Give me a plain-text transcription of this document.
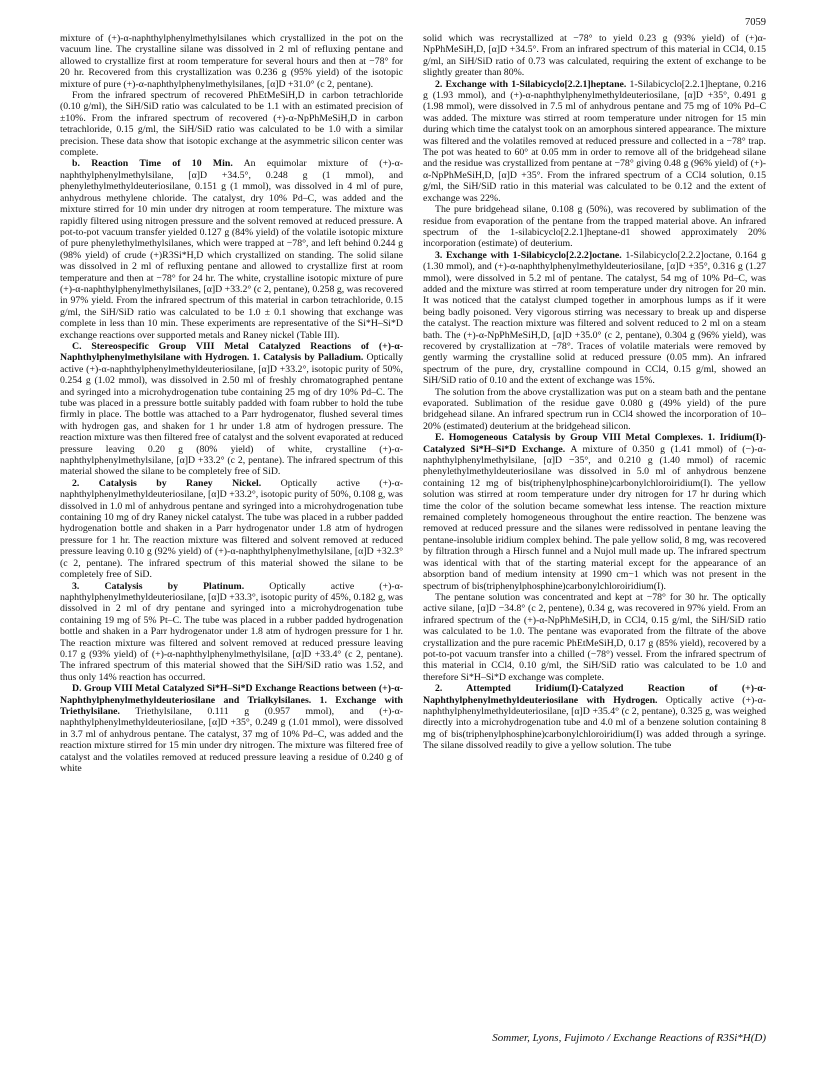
7059

mixture of (+)-α-naphthylphenylmethylsilanes which crystallized in the pot on the vacuum line. The crystalline silane was dissolved in 2 ml of refluxing pentane and allowed to crystallize first at room temperature for several hours and then at −78° for 20 hr. Recovered from this crystallization was 0.236 g (95% yield) of the isotopic mixture of pure (+)-α-naphthylphenylmethylsilanes, [α]D +31.0° (c 2, pentane).

From the infrared spectrum of recovered PhEtMeSiH,D in carbon tetrachloride (0.10 g/ml), the SiH/SiD ratio was calculated to be 1.1 with an estimated precision of ±10%. From the infrared spectrum of recovered (+)-α-NpPhMeSiH,D in carbon tetrachloride, 0.15 g/ml, the SiH/SiD ratio was calculated to be 1.0 with a similar precision. These data show that isotopic exchange at the asymmetric silicon center was complete.

b. Reaction Time of 10 Min. An equimolar mixture of (+)-α-naphthylphenylmethylsilane, [α]D +34.5°, 0.248 g (1 mmol), and phenylethylmethyldeuteriosilane, 0.151 g (1 mmol), was dissolved in 4 ml of pure, anhydrous methylene chloride. The catalyst, dry 10% Pd–C, was added and the mixture stirred for 10 min under dry nitrogen at room temperature. The mixture was rapidly filtered using nitrogen pressure and the solvent removed at reduced pressure. A pot-to-pot vacuum transfer yielded 0.127 g (84% yield) of the volatile isotopic mixture of pure phenylethylmethylsilanes, which were trapped at −78°, and left behind 0.244 g (98% yield) of crude (+)R3Si*H,D which crystallized on standing. The solid silane was dissolved in 2 ml of refluxing pentane and allowed to crystallize first at room temperature and then at −78° for 24 hr. The white, crystalline isotopic mixture of pure (+)-α-naphthylphenylmethylsilanes, [α]D +33.2° (c 2, pentane), 0.258 g, was recovered in 97% yield. From the infrared spectrum of this material in carbon tetrachloride, 0.15 g/ml, the SiH/SiD ratio was calculated to be 1.0 ± 0.1 showing that exchange was complete in less than 10 min. These experiments are representative of the Si*H–Si*D exchange reactions over supported metals and Raney nickel (Table III).

C. Stereospecific Group VIII Metal Catalyzed Reactions of (+)-α-Naphthylphenylmethylsilane with Hydrogen. 1. Catalysis by Palladium. Optically active (+)-α-naphthylphenylmethyldeuteriosilane, [α]D +33.2°, isotopic purity of 50%, 0.254 g (1.02 mmol), was dissolved in 2.50 ml of freshly chromatographed pentane and syringed into a microhydrogenation tube containing 25 mg of dry 10% Pd–C. The tube was placed in a pressure bottle suitably padded with foam rubber to hold the tube firmly in place. The bottle was attached to a Parr hydrogenator, flushed several times with hydrogen gas, and shaken for 1 hr under 1.8 atm of hydrogen pressure. The reaction mixture was then filtered free of catalyst and the solvent evaporated at reduced pressure leaving 0.20 g (80% yield) of white, crystalline (+)-α-naphthylphenylmethylsilane, [α]D +33.2° (c 2, pentane). The infrared spectrum of this material showed the silane to be completely free of SiD.

2. Catalysis by Raney Nickel. Optically active (+)-α-naphthylphenylmethyldeuteriosilane, [α]D +33.2°, isotopic purity of 50%, 0.108 g, was dissolved in 1.0 ml of anhydrous pentane and syringed into a microhydrogenation tube containing 10 mg of dry Raney nickel catalyst. The tube was placed in a rubber padded hydrogenation bottle and shaken in a Parr hydrogenator under 1.8 atm of hydrogen pressure for 1 hr. The reaction mixture was filtered and solvent removed at reduced pressure leaving 0.10 g (92% yield) of (+)-α-naphthylphenylmethylsilane, [α]D +32.3° (c 2, pentane). The infrared spectrum of this material showed the silane to be completely free of SiD.

3. Catalysis by Platinum.	Optically active (+)-α-naphthylphenylmethyldeuteriosilane, [α]D +33.3°, isotopic purity of 45%, 0.182 g, was dissolved in 2 ml of dry pentane and syringed into a microhydrogenation tube containing 19 mg of 5% Pt–C. The tube was placed in a rubber padded hydrogenation bottle and shaken in a Parr hydrogenator under 1.8 atm of hydrogen pressure for 1 hr. The reaction mixture was filtered and solvent removed at reduced pressure leaving 0.17 g (93% yield) of (+)-α-naphthylphenylmethylsilane, [α]D +33.4° (c 2, pentane). The infrared spectrum of this material showed that the SiH/SiD ratio was 1.52, and thus only 14% reaction has occurred.

D. Group VIII Metal Catalyzed Si*H–Si*D Exchange Reactions between (+)-α-Naphthylphenylmethyldeuteriosilane and Trialkylsilanes. 1. Exchange with Triethylsilane. Triethylsilane, 0.111 g (0.957 mmol), and (+)-α-naphthylphenylmethyldeuteriosilane, [α]D +35°, 0.249 g (1.01 mmol), were dissolved in 3.7 ml of anhydrous pentane. The catalyst, 37 mg of 10% Pd–C, was added and the reaction mixture stirred for 15 min under dry nitrogen. The mixture was filtered free of catalyst and the volatiles removed at reduced pressure leaving a residue of 0.240 g of white

solid which was recrystallized at −78° to yield 0.23 g (93% yield) of (+)α-NpPhMeSiH,D, [α]D +34.5°. From an infrared spectrum of this material in CCl4, 0.15 g/ml, an SiH/SiD ratio of 0.73 was calculated, requiring the extent of exchange to be slightly greater than 80%.

2. Exchange with 1-Silabicyclo[2.2.1]heptane. 1-Silabicyclo[2.2.1]heptane, 0.216 g (1.93 mmol), and (+)-α-naphthylphenylmethyldeuteriosilane, [α]D +35°, 0.491 g (1.98 mmol), were dissolved in 7.5 ml of anhydrous pentane and 75 mg of 10% Pd–C was added. The mixture was stirred at room temperature under nitrogen for 15 min during which time the catalyst took on an amorphous sintered appearance. The mixture was filtered and the volatiles removed at reduced pressure and collected in a −78° trap. The pot was heated to 60° at 0.05 mm in order to remove all of the bridgehead silane and the residue was crystallized from pentane at −78° giving 0.48 g (96% yield) of (+)-α-NpPhMeSiH,D, [α]D +35°. From the infrared spectrum of a CCl4 solution, 0.15 g/ml, the SiH/SiD ratio in this material was calculated to be 0.12 and the extent of exchange was 22%.

The pure bridgehead silane, 0.108 g (50%), was recovered by sublimation of the residue from evaporation of the pentane from the trapped material above. An infrared spectrum of the 1-silabicyclo[2.2.1]heptane-d1 showed approximately 20% incorporation (estimate) of deuterium.

3. Exchange with 1-Silabicyclo[2.2.2]octane. 1-Silabicyclo[2.2.2]octane, 0.164 g (1.30 mmol), and (+)-α-naphthylphenylmethyldeuteriosilane, [α]D +35°, 0.316 g (1.27 mmol), were dissolved in 5.2 ml of pentane. The catalyst, 54 mg of 10% Pd–C, was added and the mixture was stirred at room temperature under dry nitrogen for 20 min. It was noticed that the catalyst clumped together in amorphous lumps as if it were being badly poisoned. Very vigorous stirring was necessary to break up and disperse the catalyst. The reaction mixture was filtered and solvent reduced to 2 ml on a steam bath. The (+)-α-NpPhMeSiH,D, [α]D +35.0° (c 2, pentane), 0.304 g (96% yield), was recovered by crystallization at −78°. Traces of volatile materials were removed by gently warming the crystalline solid at reduced pressure (0.05 mm). An infrared spectrum of the pure, dry, crystalline compound in CCl4, 0.15 g/ml, showed an SiH/SiD ratio of 0.10 and the extent of exchange was 15%.

The solution from the above crystallization was put on a steam bath and the pentane evaporated. Sublimation of the residue gave 0.080 g (49% yield) of the pure bridgehead silane. An infrared spectrum run in CCl4 showed the incorporation of 10–20% (estimated) deuterium at the bridgehead silicon.

E. Homogeneous Catalysis by Group VIII Metal Complexes. 1. Iridium(I)-Catalyzed Si*H–Si*D Exchange. A mixture of 0.350 g (1.41 mmol) of (−)-α-naphthylphenylmethylsilane, [α]D −35°, and 0.210 g (1.40 mmol) of racemic phenylethylmethyldeuteriosilane was dissolved in 5.0 ml of anhydrous benzene containing 12 mg of bis(triphenylphosphine)carbonylchloroiridium(I). The yellow solution was stirred at room temperature under dry nitrogen for 17 hr during which time the color of the solution became somewhat less intense. The reaction mixture remained completely homogeneous throughout the entire reaction. The benzene was removed at reduced pressure and the silanes were redissolved in pentane leaving the pentane-insoluble iridium complex behind. The pale yellow solid, 8 mg, was recovered by filtration through a Hirsch funnel and a Nujol mull made up. The infrared spectrum was identical with that of the starting material except for the appearance of an absorption band of medium intensity at 1990 cm−1 which was not present in the spectrum of bis(triphenylphosphine)carbonylchloroiridium(I).

The pentane solution was concentrated and kept at −78° for 30 hr. The optically active silane, [α]D −34.8° (c 2, pentene), 0.34 g, was recovered in 97% yield. From an infrared spectrum of the (+)-α-NpPhMeSiH,D, in CCl4, 0.15 g/ml, the SiH/SiD ratio was calculated to be 1.0. The pentane was evaporated from the filtrate of the above crystallization and the pure racemic PhEtMeSiH,D, 0.17 g (85% yield), recovered by a pot-to-pot vacuum transfer into a chilled (−78°) vessel. From the infrared spectrum of this material in CCl4, 0.10 g/ml, the SiH/SiD ratio was calculated to be 1.0 and therefore Si*H–Si*D exchange was complete.

2. Attempted Iridium(I)-Catalyzed Reaction of (+)-α-Naphthylphenylmethyldeuteriosilane with Hydrogen. Optically active (+)-α-naphthylphenylmethyldeuteriosilane, [α]D +35.4° (c 2, pentane), 0.325 g, was weighed directly into a microhydrogenation tube and 4.0 ml of a benzene solution containing 8 mg of bis(triphenylphosphine)carbonylchloroiridium(I) was added through a syringe. The silane dissolved readily to give a yellow solution. The tube

Sommer, Lyons, Fujimoto / Exchange Reactions of R3Si*H(D)
